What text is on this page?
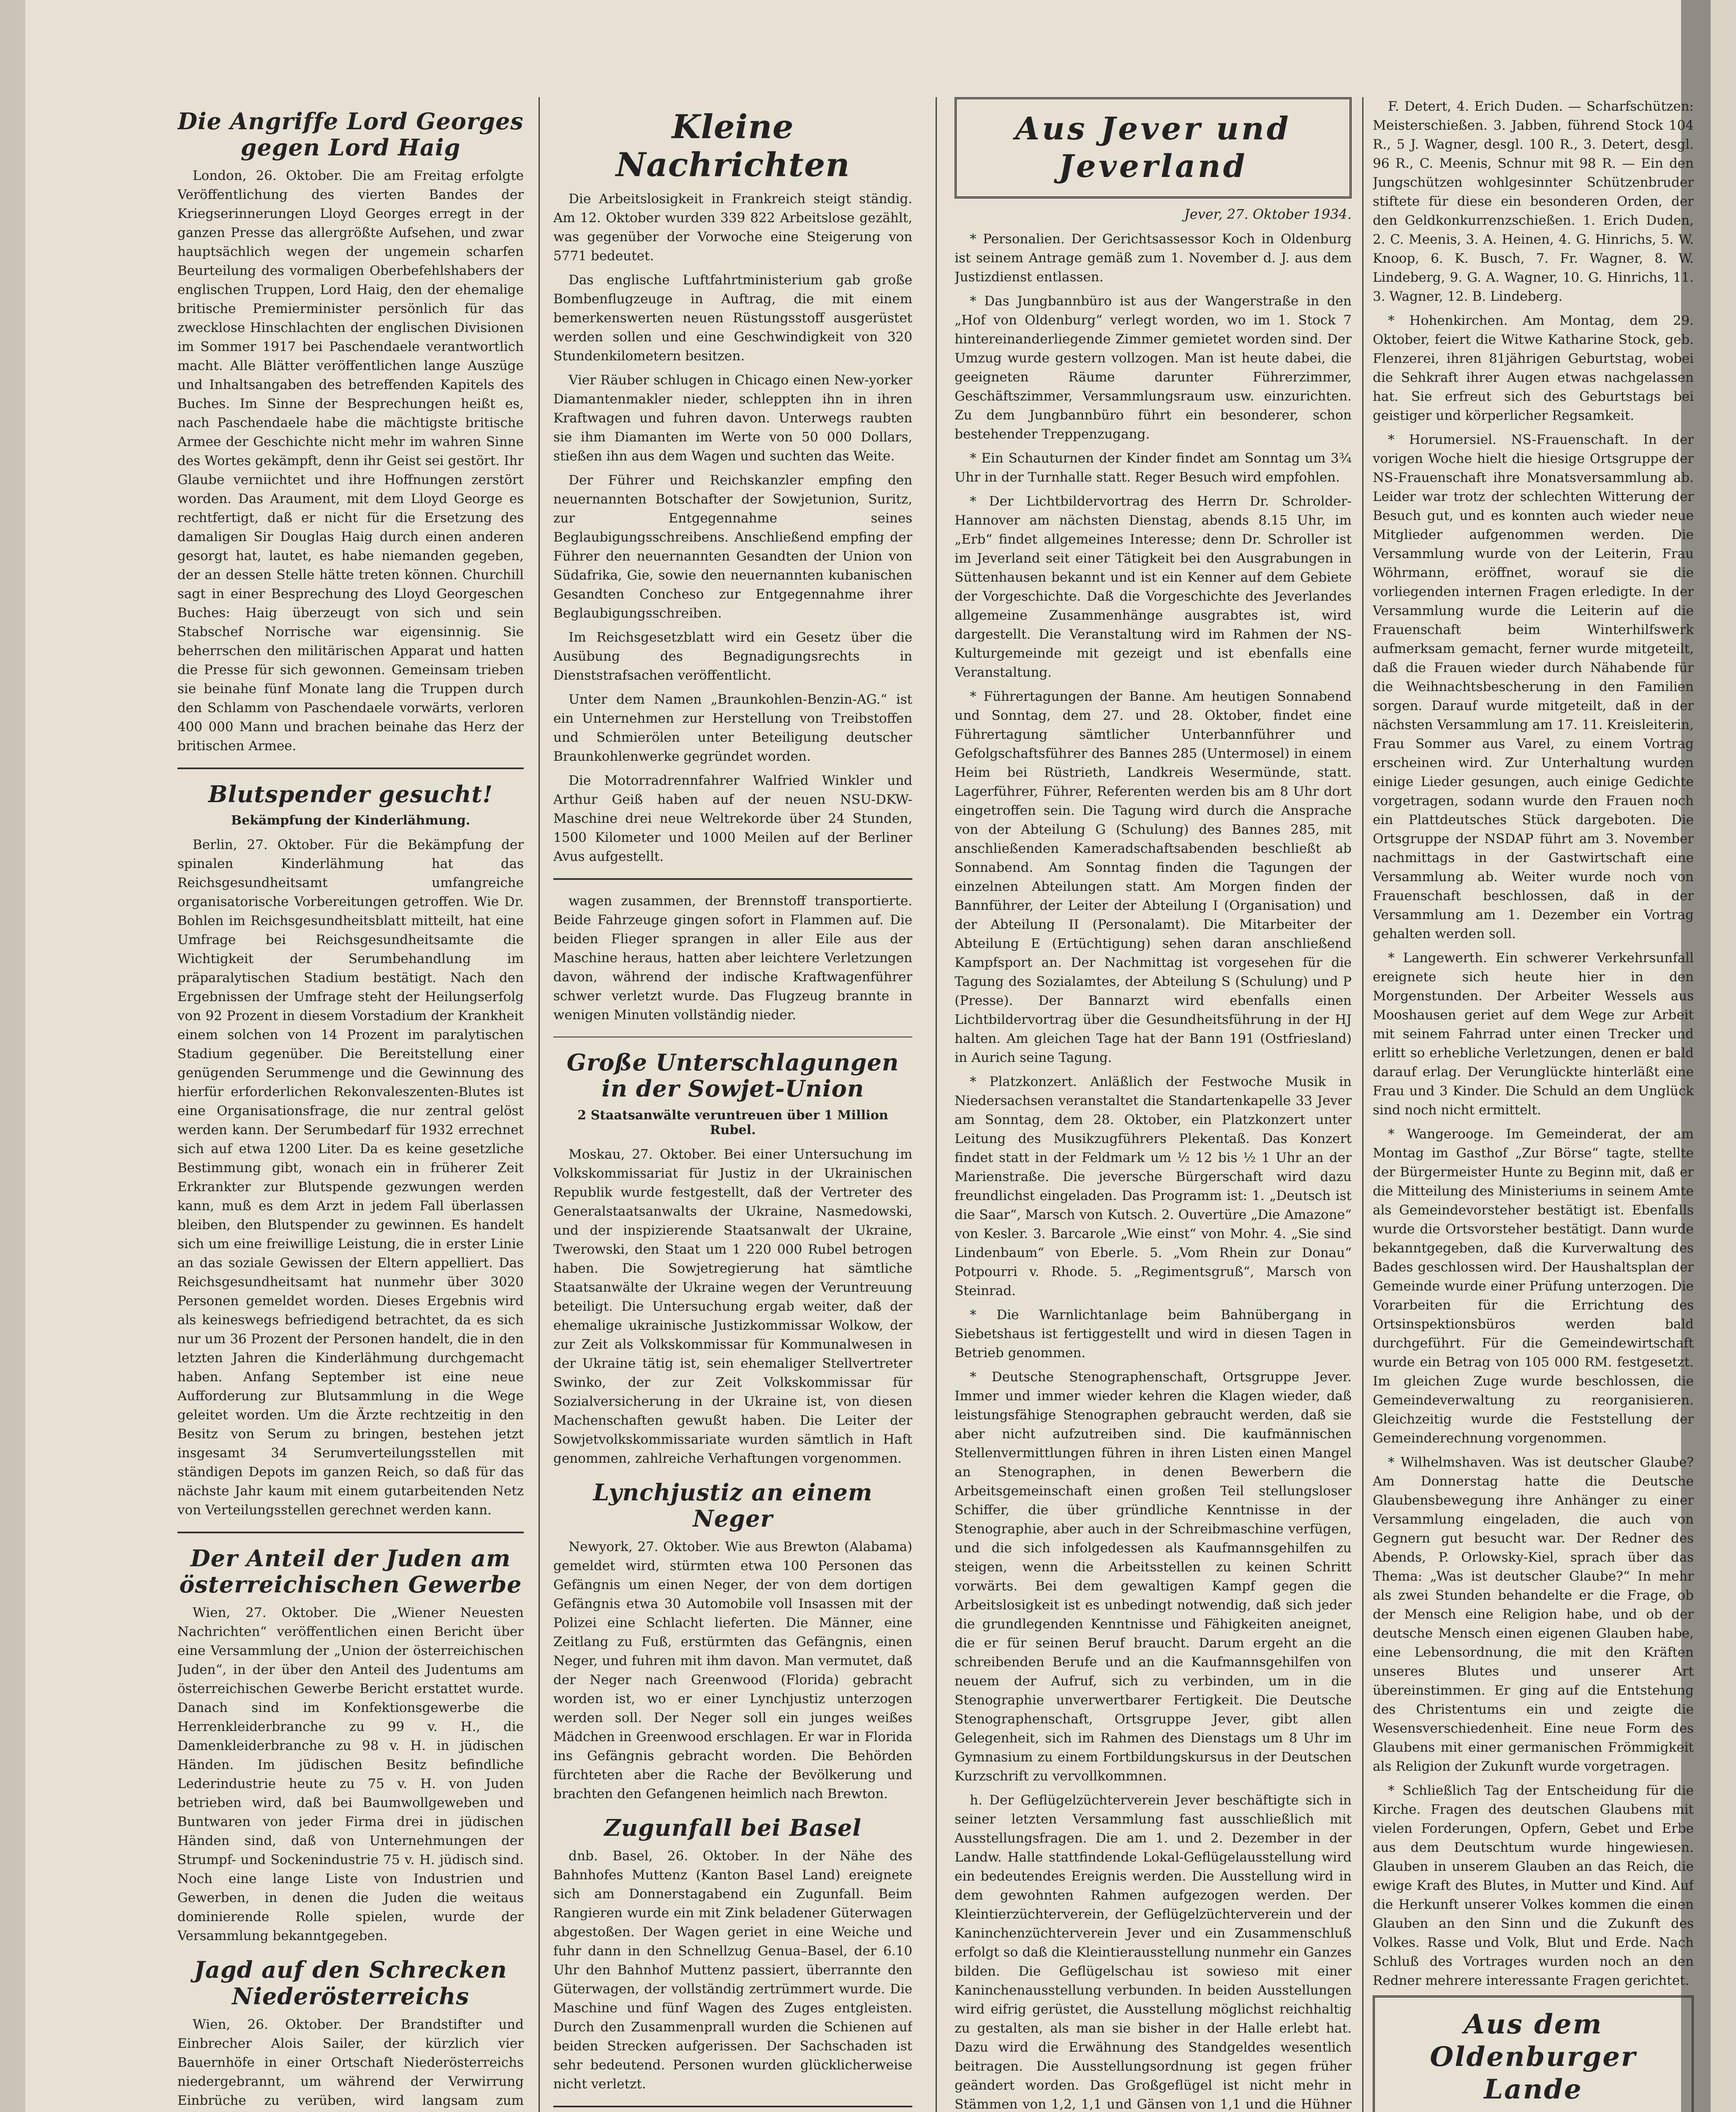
Die Angriffe Lord Georges gegen Lord Haig

London, 26. Oktober. Die am Freitag erfolgte Veröffentlichung des vierten Bandes der Kriegserinnerungen Lloyd Georges erregt in der ganzen Presse das allergrößte Aufsehen, und zwar hauptsächlich wegen der ungemein scharfen Beurteilung des vormaligen Oberbefehlshabers der englischen Truppen, Lord Haig, den der ehemalige britische Premierminister persönlich für das zwecklose Hinschlachten der englischen Divisionen im Sommer 1917 bei Paschendaele verantwortlich macht. Alle Blätter veröffentlichen lange Auszüge und Inhaltsangaben des betreffenden Kapitels des Buches. Im Sinne der Besprechungen heißt es, nach Paschendaele habe die mächtigste britische Armee der Geschichte nicht mehr im wahren Sinne des Wortes gekämpft, denn ihr Geist sei gestört. Ihr Glaube verniichtet und ihre Hoffnungen zerstört worden. Das Araument, mit dem Lloyd George es rechtfertigt, daß er nicht für die Ersetzung des damaligen Sir Douglas Haig durch einen anderen gesorgt hat, lautet, es habe niemanden gegeben, der an dessen Stelle hätte treten können. Churchill sagt in einer Besprechung des Lloyd Georgeschen Buches: Haig überzeugt von sich und sein Stabschef Norrische war eigensinnig. Sie beherrschen den militärischen Apparat und hatten die Presse für sich gewonnen. Gemeinsam trieben sie beinahe fünf Monate lang die Truppen durch den Schlamm von Paschendaele vorwärts, verloren 400 000 Mann und brachen beinahe das Herz der britischen Armee.

Blutspender gesucht!
Bekämpfung der Kinderlähmung.

Berlin, 27. Oktober. Für die Bekämpfung der spinalen Kinderlähmung hat das Reichsgesundheitsamt umfangreiche organisatorische Vorbereitungen getroffen. Wie Dr. Bohlen im Reichsgesundheitsblatt mitteilt, hat eine Umfrage bei Reichsgesundheitsamte die Wichtigkeit der Serumbehandlung im präparalytischen Stadium bestätigt. Nach den Ergebnissen der Umfrage steht der Heilungserfolg von 92 Prozent in diesem Vorstadium der Krankheit einem solchen von 14 Prozent im paralytischen Stadium gegenüber. Die Bereitstellung einer genügenden Serummenge und die Gewinnung des hierfür erforderlichen Rekonvaleszenten-Blutes ist eine Organisationsfrage, die nur zentral gelöst werden kann. Der Serumbedarf für 1932 errechnet sich auf etwa 1200 Liter. Da es keine gesetzliche Bestimmung gibt, wonach ein in früherer Zeit Erkrankter zur Blutspende gezwungen werden kann, muß es dem Arzt in jedem Fall überlassen bleiben, den Blutspender zu gewinnen. Es handelt sich um eine freiwillige Leistung, die in erster Linie an das soziale Gewissen der Eltern appelliert. Das Reichsgesundheitsamt hat nunmehr über 3020 Personen gemeldet worden. Dieses Ergebnis wird als keineswegs befriedigend betrachtet, da es sich nur um 36 Prozent der Personen handelt, die in den letzten Jahren die Kinderlähmung durchgemacht haben. Anfang September ist eine neue Aufforderung zur Blutsammlung in die Wege geleitet worden. Um die Ärzte rechtzeitig in den Besitz von Serum zu bringen, bestehen jetzt insgesamt 34 Serumverteilungsstellen mit ständigen Depots im ganzen Reich, so daß für das nächste Jahr kaum mit einem gutarbeitenden Netz von Verteilungsstellen gerechnet werden kann.

Der Anteil der Juden am österreichischen Gewerbe

Wien, 27. Oktober. Die „Wiener Neuesten Nachrichten“ veröffentlichen einen Bericht über eine Versammlung der „Union der österreichischen Juden“, in der über den Anteil des Judentums am österreichischen Gewerbe Bericht erstattet wurde. Danach sind im Konfektionsgewerbe die Herrenkleiderbranche zu 99 v. H., die Damenkleiderbranche zu 98 v. H. in jüdischen Händen. Im jüdischen Besitz befindliche Lederindustrie heute zu 75 v. H. von Juden betrieben wird, daß bei Baumwollgeweben und Buntwaren von jeder Firma drei in jüdischen Händen sind, daß von Unternehmungen der Strumpf- und Sockenindustrie 75 v. H. jüdisch sind. Noch eine lange Liste von Industrien und Gewerben, in denen die Juden die weitaus dominierende Rolle spielen, wurde der Versammlung bekanntgegeben.

Jagd auf den Schrecken Niederösterreichs

Wien, 26. Oktober. Der Brandstifter und Einbrecher Alois Sailer, der kürzlich vier Bauernhöfe in einer Ortschaft Niederösterreichs niedergebrannt, um während der Verwirrung Einbrüche zu verüben, wird langsam zum

Kleine Nachrichten

Die Arbeitslosigkeit in Frankreich steigt ständig. Am 12. Oktober wurden 339 822 Arbeitslose gezählt, was gegenüber der Vorwoche eine Steigerung von 5771 bedeutet.

Das englische Luftfahrtministerium gab große Bombenflugzeuge in Auftrag, die mit einem bemerkenswerten neuen Rüstungsstoff ausgerüstet werden sollen und eine Geschwindigkeit von 320 Stundenkilometern besitzen.

Vier Räuber schlugen in Chicago einen New-yorker Diamantenmakler nieder, schleppten ihn in ihren Kraftwagen und fuhren davon. Unterwegs raubten sie ihm Diamanten im Werte von 50 000 Dollars, stießen ihn aus dem Wagen und suchten das Weite.

Der Führer und Reichskanzler empfing den neuernannten Botschafter der Sowjetunion, Suritz, zur Entgegennahme seines Beglaubigungsschreibens. Anschließend empfing der Führer den neuernannten Gesandten der Union von Südafrika, Gie, sowie den neuernannten kubanischen Gesandten Concheso zur Entgegennahme ihrer Beglaubigungsschreiben.

Im Reichsgesetzblatt wird ein Gesetz über die Ausübung des Begnadigungsrechts in Dienststrafsachen veröffentlicht.

Unter dem Namen „Braunkohlen-Benzin-AG.“ ist ein Unternehmen zur Herstellung von Treibstoffen und Schmierölen unter Beteiligung deutscher Braunkohlenwerke gegründet worden.

Die Motorradrennfahrer Walfried Winkler und Arthur Geiß haben auf der neuen NSU-DKW-Maschine drei neue Weltrekorde über 24 Stunden, 1500 Kilometer und 1000 Meilen auf der Berliner Avus aufgestellt.

wagen zusammen, der Brennstoff transportierte. Beide Fahrzeuge gingen sofort in Flammen auf. Die beiden Flieger sprangen in aller Eile aus der Maschine heraus, hatten aber leichtere Verletzungen davon, während der indische Kraftwagenführer schwer verletzt wurde. Das Flugzeug brannte in wenigen Minuten vollständig nieder.

Große Unterschlagungen in der Sowjet-Union
2 Staatsanwälte veruntreuen über 1 Million Rubel.

Moskau, 27. Oktober. Bei einer Untersuchung im Volkskommissariat für Justiz in der Ukrainischen Republik wurde festgestellt, daß der Vertreter des Generalstaatsanwalts der Ukraine, Nasmedowski, und der inspizierende Staatsanwalt der Ukraine, Twerowski, den Staat um 1 220 000 Rubel betrogen haben. Die Sowjetregierung hat sämtliche Staatsanwälte der Ukraine wegen der Veruntreuung beteiligt. Die Untersuchung ergab weiter, daß der ehemalige ukrainische Justizkommissar Wolkow, der zur Zeit als Volkskommissar für Kommunalwesen in der Ukraine tätig ist, sein ehemaliger Stellvertreter Swinko, der zur Zeit Volkskommissar für Sozialversicherung in der Ukraine ist, von diesen Machenschaften gewußt haben. Die Leiter der Sowjetvolkskommissariate wurden sämtlich in Haft genommen, zahlreiche Verhaftungen vorgenommen.

Lynchjustiz an einem Neger

Newyork, 27. Oktober. Wie aus Brewton (Alabama) gemeldet wird, stürmten etwa 100 Personen das Gefängnis um einen Neger, der von dem dortigen Gefängnis etwa 30 Automobile voll Insassen mit der Polizei eine Schlacht lieferten. Die Männer, eine Zeitlang zu Fuß, erstürmten das Gefängnis, einen Neger, und fuhren mit ihm davon. Man vermutet, daß der Neger nach Greenwood (Florida) gebracht worden ist, wo er einer Lynchjustiz unterzogen werden soll. Der Neger soll ein junges weißes Mädchen in Greenwood erschlagen. Er war in Florida ins Gefängnis gebracht worden. Die Behörden fürchteten aber die Rache der Bevölkerung und brachten den Gefangenen heimlich nach Brewton.

Zugunfall bei Basel

dnb. Basel, 26. Oktober. In der Nähe des Bahnhofes Muttenz (Kanton Basel Land) ereignete sich am Donnerstagabend ein Zugunfall. Beim Rangieren wurde ein mit Zink beladener Güterwagen abgestoßen. Der Wagen geriet in eine Weiche und fuhr dann in den Schnellzug Genua–Basel, der 6.10 Uhr den Bahnhof Muttenz passiert, überrannte den Güterwagen, der vollständig zertrümmert wurde. Die Maschine und fünf Wagen des Zuges entgleisten. Durch den Zusammenprall wurden die Schienen auf beiden Strecken aufgerissen. Der Sachschaden ist sehr bedeutend. Personen wurden glücklicherweise nicht verletzt.

Aus Jever und Jeverland
Jever, 27. Oktober 1934.

* Personalien. Der Gerichtsassessor Koch in Oldenburg ist seinem Antrage gemäß zum 1. November d. J. aus dem Justizdienst entlassen.

* Das Jungbannbüro ist aus der Wangerstraße in den „Hof von Oldenburg“ verlegt worden, wo im 1. Stock 7 hintereinanderliegende Zimmer gemietet worden sind. Der Umzug wurde gestern vollzogen. Man ist heute dabei, die geeigneten Räume darunter Führerzimmer, Geschäftszimmer, Versammlungsraum usw. einzurichten. Zu dem Jungbannbüro führt ein besonderer, schon bestehender Treppenzugang.

* Ein Schauturnen der Kinder findet am Sonntag um 3¾ Uhr in der Turnhalle statt. Reger Besuch wird empfohlen.

* Der Lichtbildervortrag des Herrn Dr. Schrolder-Hannover am nächsten Dienstag, abends 8.15 Uhr, im „Erb“ findet allgemeines Interesse; denn Dr. Schroller ist im Jeverland seit einer Tätigkeit bei den Ausgrabungen in Süttenhausen bekannt und ist ein Kenner auf dem Gebiete der Vorgeschichte. Daß die Vorgeschichte des Jeverlandes allgemeine Zusammenhänge ausgrabtes ist, wird dargestellt. Die Veranstaltung wird im Rahmen der NS-Kulturgemeinde mit gezeigt und ist ebenfalls eine Veranstaltung.

* Führertagungen der Banne. Am heutigen Sonnabend und Sonntag, dem 27. und 28. Oktober, findet eine Führertagung sämtlicher Unterbannführer und Gefolgschaftsführer des Bannes 285 (Untermosel) in einem Heim bei Rüstrieth, Landkreis Wesermünde, statt. Lagerführer, Führer, Referenten werden bis am 8 Uhr dort eingetroffen sein. Die Tagung wird durch die Ansprache von der Abteilung G (Schulung) des Bannes 285, mit anschließenden Kameradschaftsabenden beschließt ab Sonnabend. Am Sonntag finden die Tagungen der einzelnen Abteilungen statt. Am Morgen finden der Bannführer, der Leiter der Abteilung I (Organisation) und der Abteilung II (Personalamt). Die Mitarbeiter der Abteilung E (Ertüchtigung) sehen daran anschließend Kampfsport an. Der Nachmittag ist vorgesehen für die Tagung des Sozialamtes, der Abteilung S (Schulung) und P (Presse). Der Bannarzt wird ebenfalls einen Lichtbildervortrag über die Gesundheitsführung in der HJ halten. Am gleichen Tage hat der Bann 191 (Ostfriesland) in Aurich seine Tagung.

* Platzkonzert. Anläßlich der Festwoche Musik in Niedersachsen veranstaltet die Standartenkapelle 33 Jever am Sonntag, dem 28. Oktober, ein Platzkonzert unter Leitung des Musikzugführers Plekentaß. Das Konzert findet statt in der Feldmark um ½ 12 bis ½ 1 Uhr an der Marienstraße. Die jeversche Bürgerschaft wird dazu freundlichst eingeladen. Das Programm ist: 1. „Deutsch ist die Saar“, Marsch von Kutsch. 2. Ouvertüre „Die Amazone“ von Kesler. 3. Barcarole „Wie einst“ von Mohr. 4. „Sie sind Lindenbaum“ von Eberle. 5. „Vom Rhein zur Donau“ Potpourri v. Rhode. 5. „Regimentsgruß“, Marsch von Steinrad.

* Die Warnlichtanlage beim Bahnübergang in Siebetshaus ist fertiggestellt und wird in diesen Tagen in Betrieb genommen.

* Deutsche Stenographenschaft, Ortsgruppe Jever. Immer und immer wieder kehren die Klagen wieder, daß leistungsfähige Stenographen gebraucht werden, daß sie aber nicht aufzutreiben sind. Die kaufmännischen Stellenvermittlungen führen in ihren Listen einen Mangel an Stenographen, in denen Bewerbern die Arbeitsgemeinschaft einen großen Teil stellungsloser Schiffer, die über gründliche Kenntnisse in der Stenographie, aber auch in der Schreibmaschine verfügen, und die sich infolgedessen als Kaufmannsgehilfen zu steigen, wenn die Arbeitsstellen zu keinen Schritt vorwärts. Bei dem gewaltigen Kampf gegen die Arbeitslosigkeit ist es unbedingt notwendig, daß sich jeder die grundlegenden Kenntnisse und Fähigkeiten aneignet, die er für seinen Beruf braucht. Darum ergeht an die schreibenden Berufe und an die Kaufmannsgehilfen von neuem der Aufruf, sich zu verbinden, um in die Stenographie unverwertbarer Fertigkeit. Die Deutsche Stenographenschaft, Ortsgruppe Jever, gibt allen Gelegenheit, sich im Rahmen des Dienstags um 8 Uhr im Gymnasium zu einem Fortbildungskursus in der Deutschen Kurzschrift zu vervollkommnen.

h. Der Geflügelzüchterverein Jever beschäftigte sich in seiner letzten Versammlung fast ausschließlich mit Ausstellungsfragen. Die am 1. und 2. Dezember in der Landw. Halle stattfindende Lokal-Geflügelausstellung wird ein bedeutendes Ereignis werden. Die Ausstellung wird in dem gewohnten Rahmen aufgezogen werden. Der Kleintierzüchterverein, der Geflügelzüchterverein und der Kaninchenzüchterverein Jever und ein Zusammenschluß erfolgt so daß die Kleintierausstellung nunmehr ein Ganzes bilden. Die Geflügelschau ist sowieso mit einer Kaninchenausstellung verbunden. In beiden Ausstellungen wird eifrig gerüstet, die Ausstellung möglichst reichhaltig zu gestalten, als man sie bisher in der Halle erlebt hat. Dazu wird die Erwähnung des Standgeldes wesentlich beitragen. Die Ausstellungsordnung ist gegen früher geändert worden. Das Großgeflügel ist nicht mehr in Stämmen von 1,2, 1,1 und Gänsen von 1,1 und die Hühner

F. Detert, 4. Erich Duden. — Scharfschützen: Meisterschießen. 3. Jabben, führend Stock 104 R., 5 J. Wagner, desgl. 100 R., 3. Detert, desgl. 96 R., C. Meenis, Schnur mit 98 R. — Ein den Jungschützen wohlgesinnter Schützenbruder stiftete für diese ein besonderen Orden, der den Geldkonkurrenzschießen. 1. Erich Duden, 2. C. Meenis, 3. A. Heinen, 4. G. Hinrichs, 5. W. Knoop, 6. K. Busch, 7. Fr. Wagner, 8. W. Lindeberg, 9. G. A. Wagner, 10. G. Hinrichs, 11. 3. Wagner, 12. B. Lindeberg.

* Hohenkirchen. Am Montag, dem 29. Oktober, feiert die Witwe Katharine Stock, geb. Flenzerei, ihren 81jährigen Geburtstag, wobei die Sehkraft ihrer Augen etwas nachgelassen hat. Sie erfreut sich des Geburtstags bei geistiger und körperlicher Regsamkeit.

* Horumersiel. NS-Frauenschaft. In der vorigen Woche hielt die hiesige Ortsgruppe der NS-Frauenschaft ihre Monatsversammlung ab. Leider war trotz der schlechten Witterung der Besuch gut, und es konnten auch wieder neue Mitglieder aufgenommen werden. Die Versammlung wurde von der Leiterin, Frau Wöhrmann, eröffnet, worauf sie die vorliegenden internen Fragen erledigte. In der Versammlung wurde die Leiterin auf die Frauenschaft beim Winterhilfswerk aufmerksam gemacht, ferner wurde mitgeteilt, daß die Frauen wieder durch Nähabende für die Weihnachtsbescherung in den Familien sorgen. Darauf wurde mitgeteilt, daß in der nächsten Versammlung am 17. 11. Kreisleiterin, Frau Sommer aus Varel, zu einem Vortrag erscheinen wird. Zur Unterhaltung wurden einige Lieder gesungen, auch einige Gedichte vorgetragen, sodann wurde den Frauen noch ein Plattdeutsches Stück dargeboten. Die Ortsgruppe der NSDAP führt am 3. November nachmittags in der Gastwirtschaft eine Versammlung ab. Weiter wurde noch von Frauenschaft beschlossen, daß in der Versammlung am 1. Dezember ein Vortrag gehalten werden soll.

* Langewerth. Ein schwerer Verkehrsunfall ereignete sich heute hier in den Morgenstunden. Der Arbeiter Wessels aus Mooshausen geriet auf dem Wege zur Arbeit mit seinem Fahrrad unter einen Trecker und erlitt so erhebliche Verletzungen, denen er bald darauf erlag. Der Verunglückte hinterläßt eine Frau und 3 Kinder. Die Schuld an dem Unglück sind noch nicht ermittelt.

* Wangerooge. Im Gemeinderat, der am Montag im Gasthof „Zur Börse“ tagte, stellte der Bürgermeister Hunte zu Beginn mit, daß er die Mitteilung des Ministeriums in seinem Amte als Gemeindevorsteher bestätigt ist. Ebenfalls wurde die Ortsvorsteher bestätigt. Dann wurde bekanntgegeben, daß die Kurverwaltung des Bades geschlossen wird. Der Haushaltsplan der Gemeinde wurde einer Prüfung unterzogen. Die Vorarbeiten für die Errichtung des Ortsinspektionsbüros werden bald durchgeführt. Für die Gemeindewirtschaft wurde ein Betrag von 105 000 RM. festgesetzt. Im gleichen Zuge wurde beschlossen, die Gemeindeverwaltung zu reorganisieren. Gleichzeitig wurde die Feststellung der Gemeinderechnung vorgenommen.

* Wilhelmshaven. Was ist deutscher Glaube? Am Donnerstag hatte die Deutsche Glaubensbewegung ihre Anhänger zu einer Versammlung eingeladen, die auch von Gegnern gut besucht war. Der Redner des Abends, P. Orlowsky-Kiel, sprach über das Thema: „Was ist deutscher Glaube?“ In mehr als zwei Stunden behandelte er die Frage, ob der Mensch eine Religion habe, und ob der deutsche Mensch einen eigenen Glauben habe, eine Lebensordnung, die mit den Kräften unseres Blutes und unserer Art übereinstimmen. Er ging auf die Entstehung des Christentums ein und zeigte die Wesensverschiedenheit. Eine neue Form des Glaubens mit einer germanischen Frömmigkeit als Religion der Zukunft wurde vorgetragen.

* Schließlich Tag der Entscheidung für die Kirche. Fragen des deutschen Glaubens mit vielen Forderungen, Opfern, Gebet und Erbe aus dem Deutschtum wurde hingewiesen. Glauben in unserem Glauben an das Reich, die ewige Kraft des Blutes, in Mutter und Kind. Auf die Herkunft unserer Volkes kommen die einen Glauben an den Sinn und die Zukunft des Volkes. Rasse und Volk, Blut und Erde. Nach Schluß des Vortrages wurden noch an den Redner mehrere interessante Fragen gerichtet.

Aus dem Oldenburger Lande
